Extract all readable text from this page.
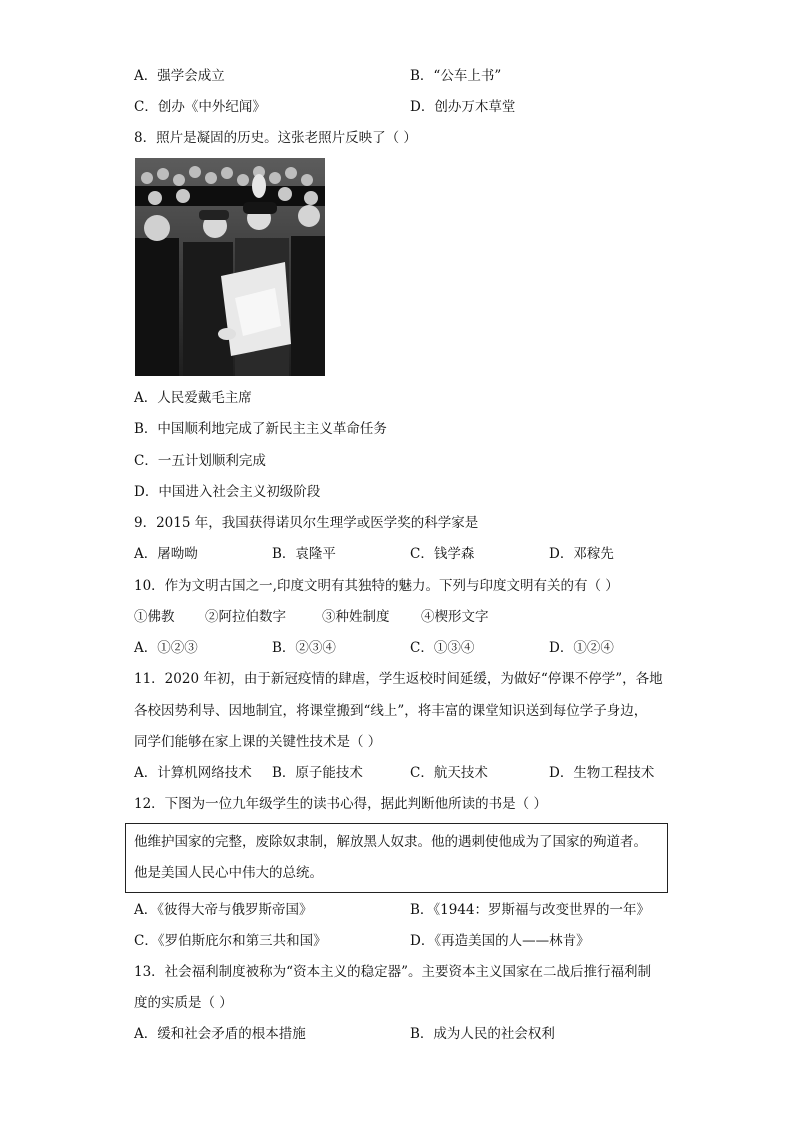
A．强学会成立	B．“公车上书”
C．创办《中外纪闻》	D．创办万木草堂
8．照片是凝固的历史。这张老照片反映了（ ）
A．人民爱戴毛主席
B．中国顺利地完成了新民主主义革命任务
C．一五计划顺利完成
D．中国进入社会主义初级阶段
9．2015 年，我国获得诺贝尔生理学或医学奖的科学家是
A．屠呦呦	B．袁隆平	C．钱学森	D．邓稼先
10．作为文明古国之一,印度文明有其独特的魅力。下列与印度文明有关的有（ ）
①佛教 ②阿拉伯数字	③种姓制度 ④楔形文字
A．①②③	B．②③④	C．①③④	D．①②④
11．2020 年初，由于新冠疫情的肆虐，学生返校时间延缓，为做好“停课不停学”，各地
各校因势利导、因地制宜，将课堂搬到“线上”，将丰富的课堂知识送到每位学子身边，
同学们能够在家上课的关键性技术是（ ）
A．计算机网络技术 B．原子能技术	C．航天技术	D．生物工程技术
12．下图为一位九年级学生的读书心得，据此判断他所读的书是（ ）
他维护国家的完整，废除奴隶制，解放黑人奴隶。他的遇刺使他成为了国家的殉道者。
他是美国人民心中伟大的总统。
A．《彼得大帝与俄罗斯帝国》	B．《1944：罗斯福与改变世界的一年》
C．《罗伯斯庇尔和第三共和国》	D．《再造美国的人——林肯》
13．社会福利制度被称为“资本主义的稳定器”。主要资本主义国家在二战后推行福利制
度的实质是（ ）
A．缓和社会矛盾的根本措施	B．成为人民的社会权利
